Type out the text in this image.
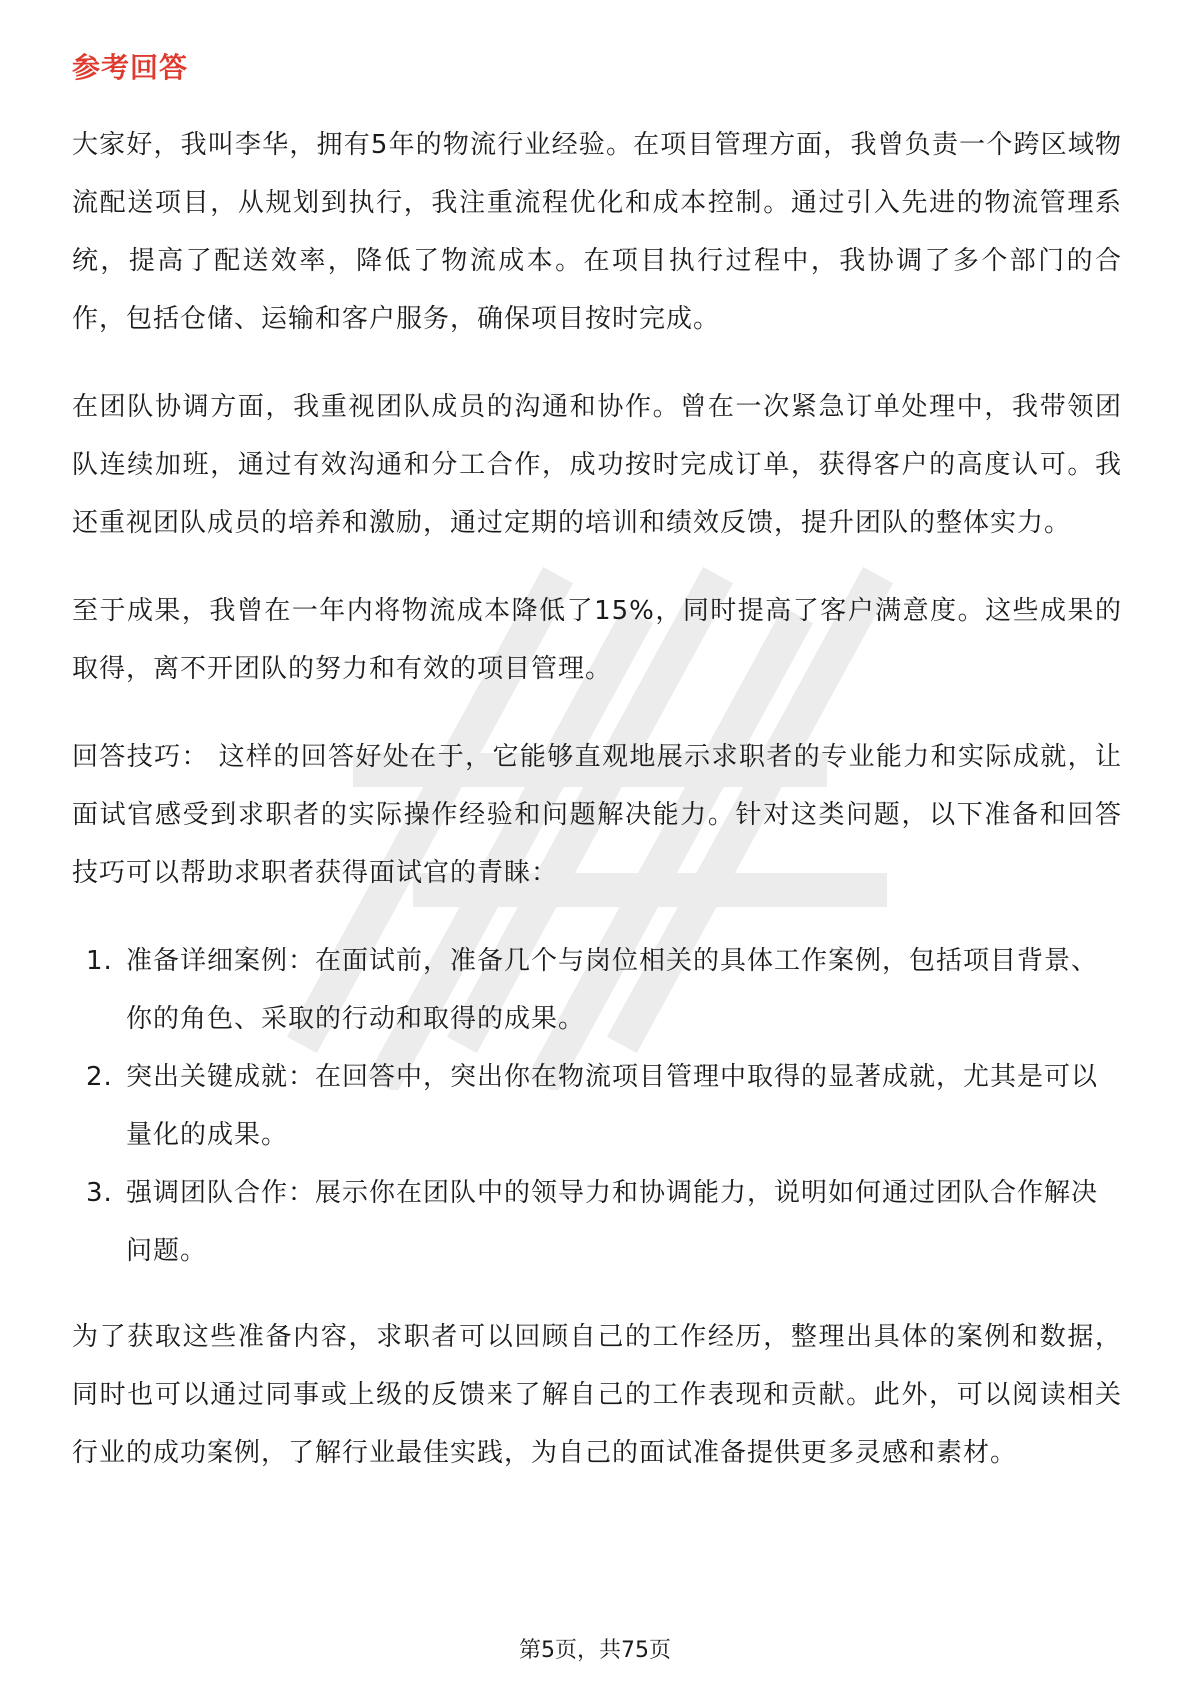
参考回答

大家好，我叫李华，拥有5年的物流行业经验。在项目管理方面，我曾负责一个跨区域物流配送项目，从规划到执行，我注重流程优化和成本控制。通过引入先进的物流管理系统，提高了配送效率，降低了物流成本。在项目执行过程中，我协调了多个部门的合作，包括仓储、运输和客户服务，确保项目按时完成。

在团队协调方面，我重视团队成员的沟通和协作。曾在一次紧急订单处理中，我带领团队连续加班，通过有效沟通和分工合作，成功按时完成订单，获得客户的高度认可。我还重视团队成员的培养和激励，通过定期的培训和绩效反馈，提升团队的整体实力。

至于成果，我曾在一年内将物流成本降低了15%，同时提高了客户满意度。这些成果的取得，离不开团队的努力和有效的项目管理。

回答技巧： 这样的回答好处在于，它能够直观地展示求职者的专业能力和实际成就，让面试官感受到求职者的实际操作经验和问题解决能力。针对这类问题，以下准备和回答技巧可以帮助求职者获得面试官的青睐：

1. 准备详细案例：在面试前，准备几个与岗位相关的具体工作案例，包括项目背景、你的角色、采取的行动和取得的成果。
2. 突出关键成就：在回答中，突出你在物流项目管理中取得的显著成就，尤其是可以量化的成果。
3. 强调团队合作：展示你在团队中的领导力和协调能力，说明如何通过团队合作解决问题。

为了获取这些准备内容，求职者可以回顾自己的工作经历，整理出具体的案例和数据，同时也可以通过同事或上级的反馈来了解自己的工作表现和贡献。此外，可以阅读相关行业的成功案例，了解行业最佳实践，为自己的面试准备提供更多灵感和素材。

第5页，共75页
